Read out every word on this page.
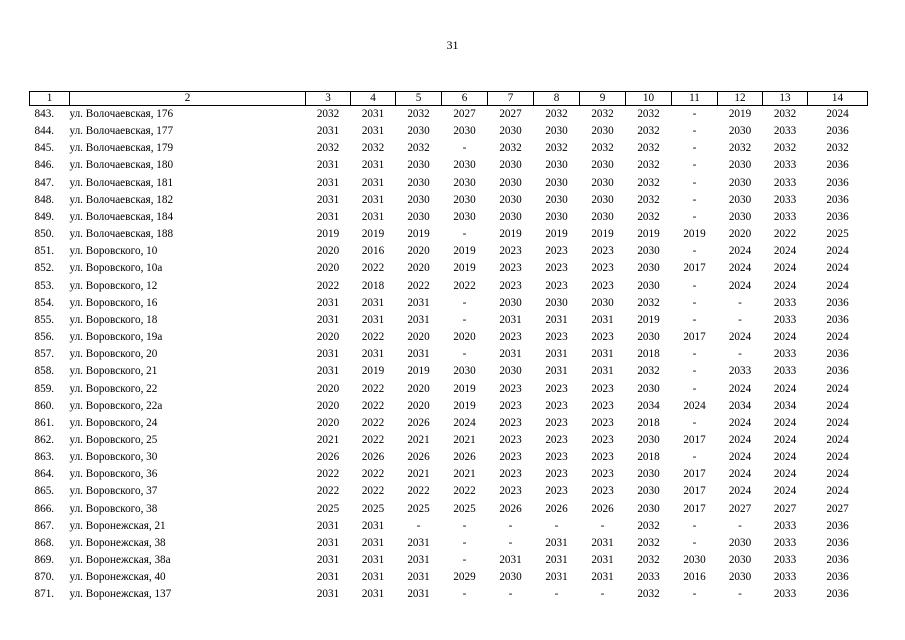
31
1	2	3	4	5	6	7	8	9	10	11	12	13	14
843.	ул. Волочаевская, 176	2032	2031	2032	2027	2027	2032	2032	2032	-	2019	2032	2024
844.	ул. Волочаевская, 177	2031	2031	2030	2030	2030	2030	2030	2032	-	2030	2033	2036
845.	ул. Волочаевская, 179	2032	2032	2032	-	2032	2032	2032	2032	-	2032	2032	2032
846.	ул. Волочаевская, 180	2031	2031	2030	2030	2030	2030	2030	2032	-	2030	2033	2036
847.	ул. Волочаевская, 181	2031	2031	2030	2030	2030	2030	2030	2032	-	2030	2033	2036
848.	ул. Волочаевская, 182	2031	2031	2030	2030	2030	2030	2030	2032	-	2030	2033	2036
849.	ул. Волочаевская, 184	2031	2031	2030	2030	2030	2030	2030	2032	-	2030	2033	2036
850.	ул. Волочаевская, 188	2019	2019	2019	-	2019	2019	2019	2019	2019	2020	2022	2025
851.	ул. Воровского, 10	2020	2016	2020	2019	2023	2023	2023	2030	-	2024	2024	2024
852.	ул. Воровского, 10а	2020	2022	2020	2019	2023	2023	2023	2030	2017	2024	2024	2024
853.	ул. Воровского, 12	2022	2018	2022	2022	2023	2023	2023	2030	-	2024	2024	2024
854.	ул. Воровского, 16	2031	2031	2031	-	2030	2030	2030	2032	-	-	2033	2036
855.	ул. Воровского, 18	2031	2031	2031	-	2031	2031	2031	2019	-	-	2033	2036
856.	ул. Воровского, 19а	2020	2022	2020	2020	2023	2023	2023	2030	2017	2024	2024	2024
857.	ул. Воровского, 20	2031	2031	2031	-	2031	2031	2031	2018	-	-	2033	2036
858.	ул. Воровского, 21	2031	2019	2019	2030	2030	2031	2031	2032	-	2033	2033	2036
859.	ул. Воровского, 22	2020	2022	2020	2019	2023	2023	2023	2030	-	2024	2024	2024
860.	ул. Воровского, 22а	2020	2022	2020	2019	2023	2023	2023	2034	2024	2034	2034	2024
861.	ул. Воровского, 24	2020	2022	2026	2024	2023	2023	2023	2018	-	2024	2024	2024
862.	ул. Воровского, 25	2021	2022	2021	2021	2023	2023	2023	2030	2017	2024	2024	2024
863.	ул. Воровского, 30	2026	2026	2026	2026	2023	2023	2023	2018	-	2024	2024	2024
864.	ул. Воровского, 36	2022	2022	2021	2021	2023	2023	2023	2030	2017	2024	2024	2024
865.	ул. Воровского, 37	2022	2022	2022	2022	2023	2023	2023	2030	2017	2024	2024	2024
866.	ул. Воровского, 38	2025	2025	2025	2025	2026	2026	2026	2030	2017	2027	2027	2027
867.	ул. Воронежская, 21	2031	2031	-	-	-	-	-	2032	-	-	2033	2036
868.	ул. Воронежская, 38	2031	2031	2031	-	-	2031	2031	2032	-	2030	2033	2036
869.	ул. Воронежская, 38а	2031	2031	2031	-	2031	2031	2031	2032	2030	2030	2033	2036
870.	ул. Воронежская, 40	2031	2031	2031	2029	2030	2031	2031	2033	2016	2030	2033	2036
871.	ул. Воронежская, 137	2031	2031	2031	-	-	-	-	2032	-	-	2033	2036
